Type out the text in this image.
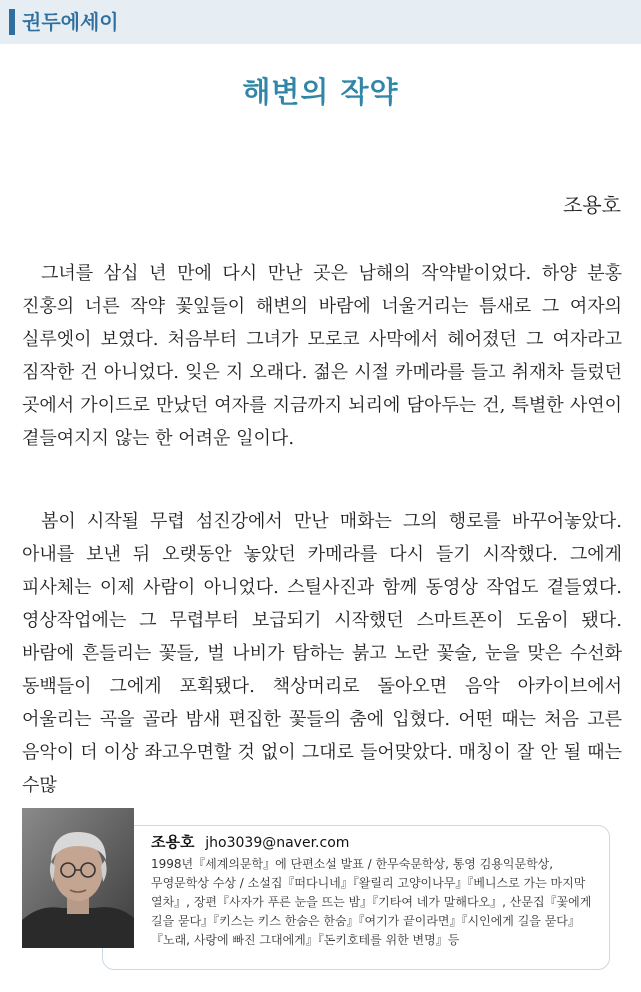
권두에세이
해변의 작약
조용호

그녀를 삼십 년 만에 다시 만난 곳은 남해의 작약밭이었다. 하양 분홍 진홍의 너른 작약 꽃잎들이 해변의 바람에 너울거리는 틈새로 그 여자의 실루엣이 보였다. 처음부터 그녀가 모로코 사막에서 헤어졌던 그 여자라고 짐작한 건 아니었다. 잊은 지 오래다. 젊은 시절 카메라를 들고 취재차 들렀던 곳에서 가이드로 만났던 여자를 지금까지 뇌리에 담아두는 건, 특별한 사연이 곁들여지지 않는 한 어려운 일이다.

봄이 시작될 무렵 섬진강에서 만난 매화는 그의 행로를 바꾸어놓았다. 아내를 보낸 뒤 오랫동안 놓았던 카메라를 다시 들기 시작했다. 그에게 피사체는 이제 사람이 아니었다. 스틸사진과 함께 동영상 작업도 곁들였다. 영상작업에는 그 무렵부터 보급되기 시작했던 스마트폰이 도움이 됐다. 바람에 흔들리는 꽃들, 벌 나비가 탐하는 붉고 노란 꽃술, 눈을 맞은 수선화 동백들이 그에게 포획됐다. 책상머리로 돌아오면 음악 아카이브에서 어울리는 곡을 골라 밤새 편집한 꽃들의 춤에 입혔다. 어떤 때는 처음 고른 음악이 더 이상 좌고우면할 것 없이 그대로 들어맞았다. 매칭이 잘 안 될 때는 수많

조용호 jho3039@naver.com

1998년『세계의문학』에 단편소설 발표 / 한무숙문학상, 통영 김용익문학상, 무영문학상 수상 / 소설집『떠다니네』『왈릴리 고양이나무』『베니스로 가는 마지막 열차』, 장편『사자가 푸른 눈을 뜨는 밤』『기타여 네가 말해다오』, 산문집『꽃에게 길을 묻다』『키스는 키스 한숨은 한숨』『여기가 끝이라면』『시인에게 길을 묻다』『노래, 사랑에 빠진 그대에게』『돈키호테를 위한 변명』등
